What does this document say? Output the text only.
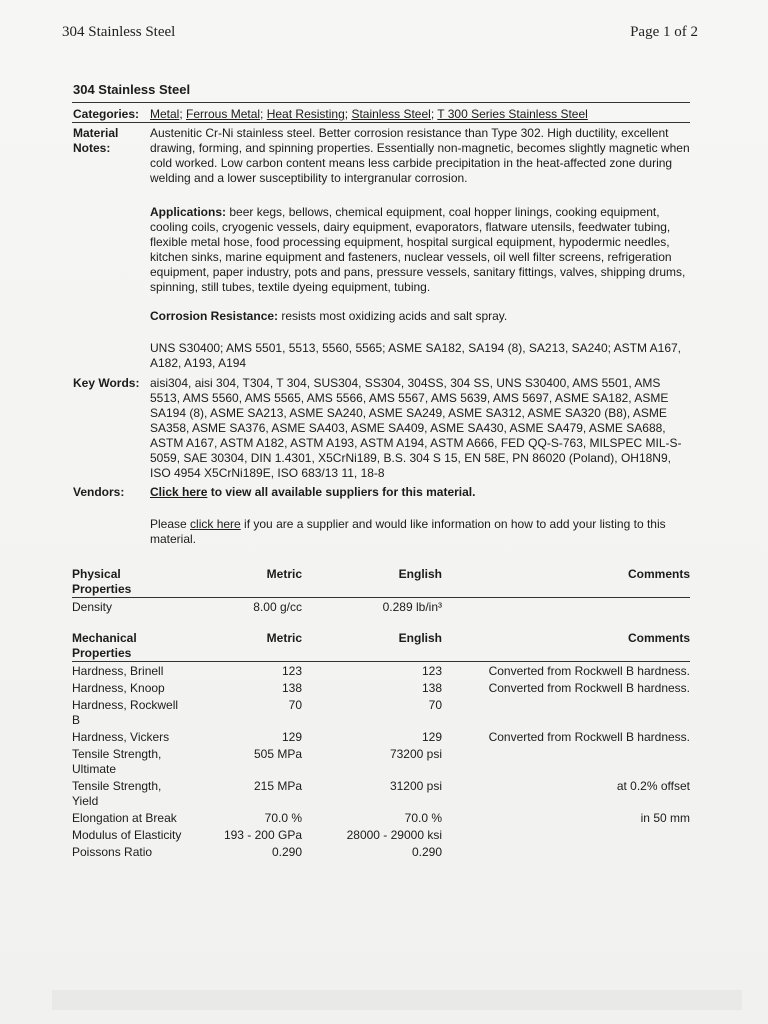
304 Stainless Steel	Page 1 of 2
304 Stainless Steel
Categories: Metal; Ferrous Metal; Heat Resisting; Stainless Steel; T 300 Series Stainless Steel
Material Notes:
Austenitic Cr-Ni stainless steel. Better corrosion resistance than Type 302. High ductility, excellent drawing, forming, and spinning properties. Essentially non-magnetic, becomes slightly magnetic when cold worked. Low carbon content means less carbide precipitation in the heat-affected zone during welding and a lower susceptibility to intergranular corrosion.
Applications: beer kegs, bellows, chemical equipment, coal hopper linings, cooking equipment, cooling coils, cryogenic vessels, dairy equipment, evaporators, flatware utensils, feedwater tubing, flexible metal hose, food processing equipment, hospital surgical equipment, hypodermic needles, kitchen sinks, marine equipment and fasteners, nuclear vessels, oil well filter screens, refrigeration equipment, paper industry, pots and pans, pressure vessels, sanitary fittings, valves, shipping drums, spinning, still tubes, textile dyeing equipment, tubing.
Corrosion Resistance: resists most oxidizing acids and salt spray.
UNS S30400; AMS 5501, 5513, 5560, 5565; ASME SA182, SA194 (8), SA213, SA240; ASTM A167, A182, A193, A194
Key Words: aisi304, aisi 304, T304, T 304, SUS304, SS304, 304SS, 304 SS, UNS S30400, AMS 5501, AMS 5513, AMS 5560, AMS 5565, AMS 5566, AMS 5567, AMS 5639, AMS 5697, ASME SA182, ASME SA194 (8), ASME SA213, ASME SA240, ASME SA249, ASME SA312, ASME SA320 (B8), ASME SA358, ASME SA376, ASME SA403, ASME SA409, ASME SA430, ASME SA479, ASME SA688, ASTM A167, ASTM A182, ASTM A193, ASTM A194, ASTM A666, FED QQ-S-763, MILSPEC MIL-S-5059, SAE 30304, DIN 1.4301, X5CrNi189, B.S. 304 S 15, EN 58E, PN 86020 (Poland), OH18N9, ISO 4954 X5CrNi189E, ISO 683/13 11, 18-8
Vendors: Click here to view all available suppliers for this material.
Please click here if you are a supplier and would like information on how to add your listing to this material.
Physical Properties	Metric	English	Comments
Density	8.00 g/cc	0.289 lb/in³	
Mechanical Properties	Metric	English	Comments
Hardness, Brinell	123	123	Converted from Rockwell B hardness.
Hardness, Knoop	138	138	Converted from Rockwell B hardness.
Hardness, Rockwell B	70	70	
Hardness, Vickers	129	129	Converted from Rockwell B hardness.
Tensile Strength, Ultimate	505 MPa	73200 psi	
Tensile Strength, Yield	215 MPa	31200 psi	at 0.2% offset
Elongation at Break	70.0 %	70.0 %	in 50 mm
Modulus of Elasticity	193 - 200 GPa	28000 - 29000 ksi	
Poissons Ratio	0.290	0.290	
